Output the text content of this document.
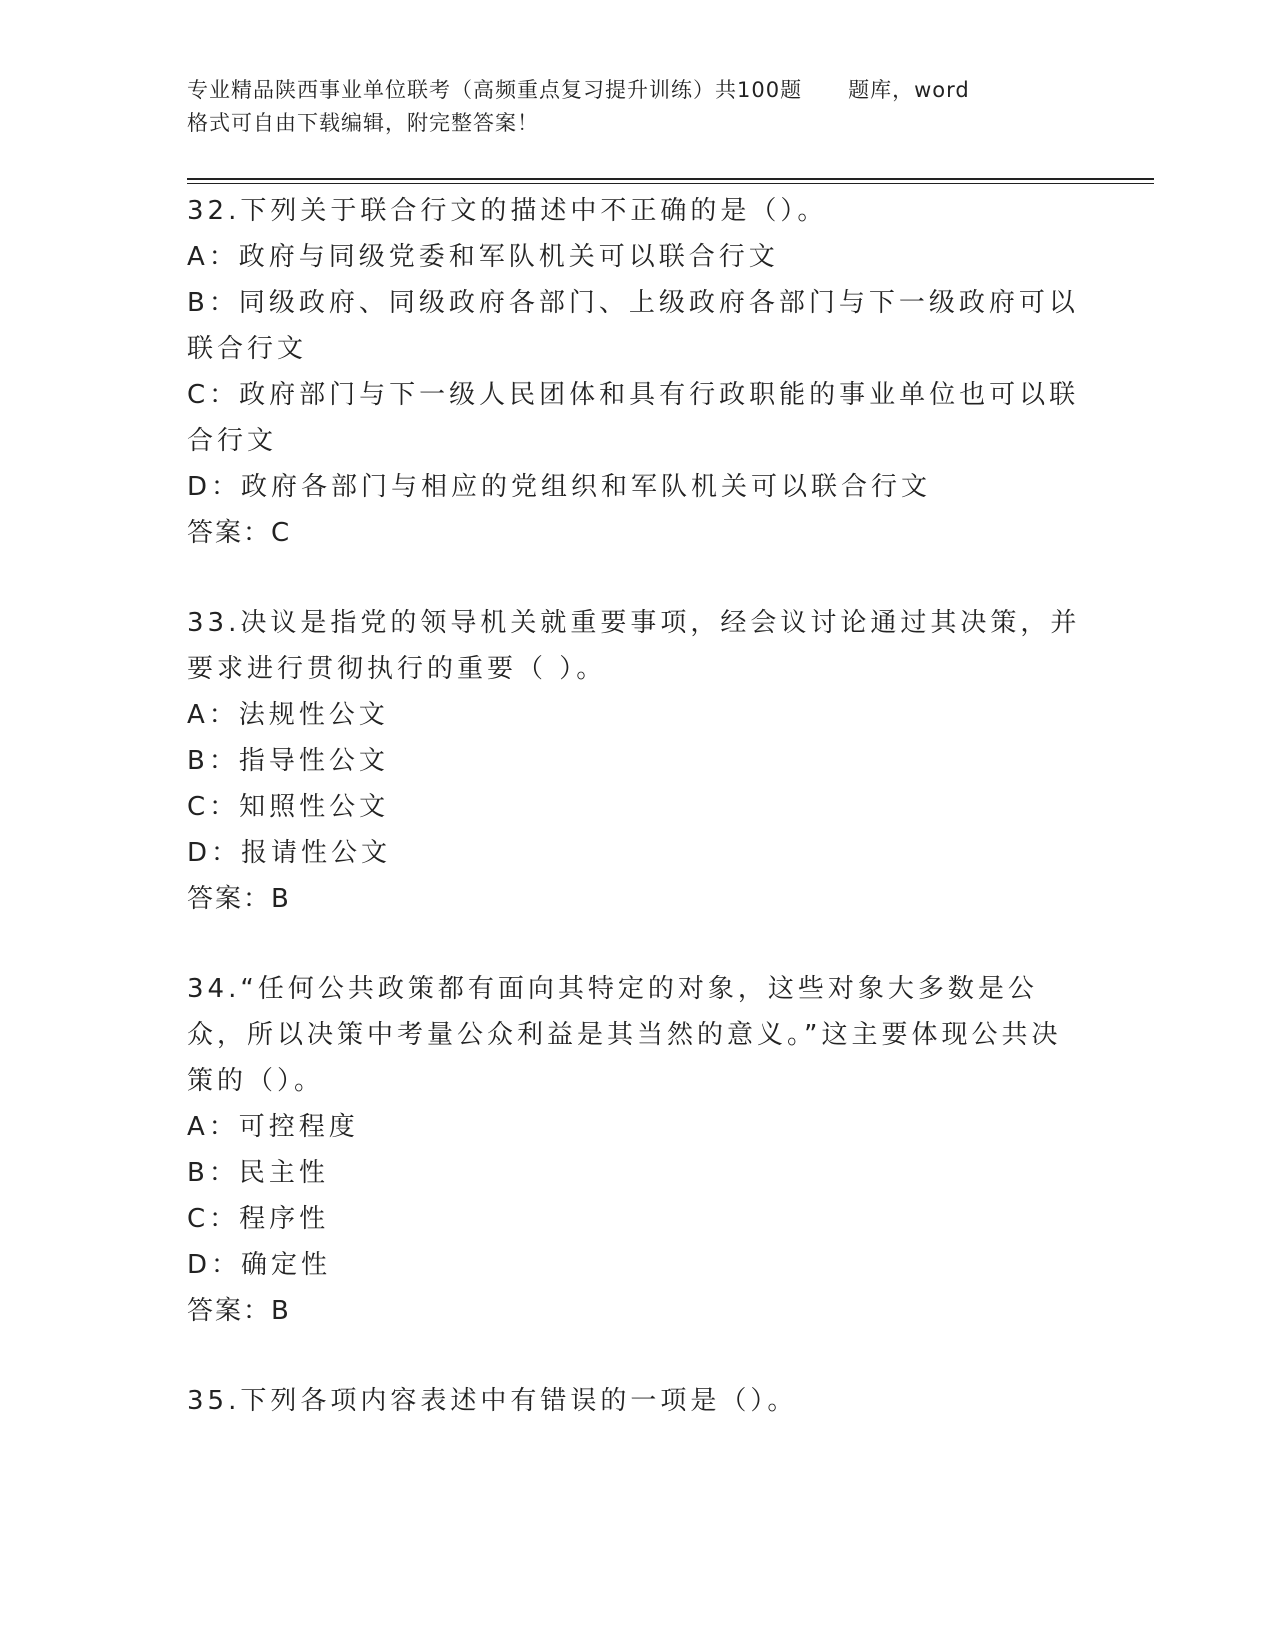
专业精品陕西事业单位联考（高频重点复习提升训练）共100题      题库，word
格式可自由下载编辑，附完整答案！
32.下列关于联合行文的描述中不正确的是（）。
A：政府与同级党委和军队机关可以联合行文
B：同级政府、同级政府各部门、上级政府各部门与下一级政府可以联合行文
C：政府部门与下一级人民团体和具有行政职能的事业单位也可以联合行文
D：政府各部门与相应的党组织和军队机关可以联合行文
答案：C
33.决议是指党的领导机关就重要事项，经会议讨论通过其决策，并要求进行贯彻执行的重要（ ）。
A：法规性公文
B：指导性公文
C：知照性公文
D：报请性公文
答案：B
34.“任何公共政策都有面向其特定的对象，这些对象大多数是公众，所以决策中考量公众利益是其当然的意义。”这主要体现公共决策的（）。
A：可控程度
B：民主性
C：程序性
D：确定性
答案：B
35.下列各项内容表述中有错误的一项是（）。
